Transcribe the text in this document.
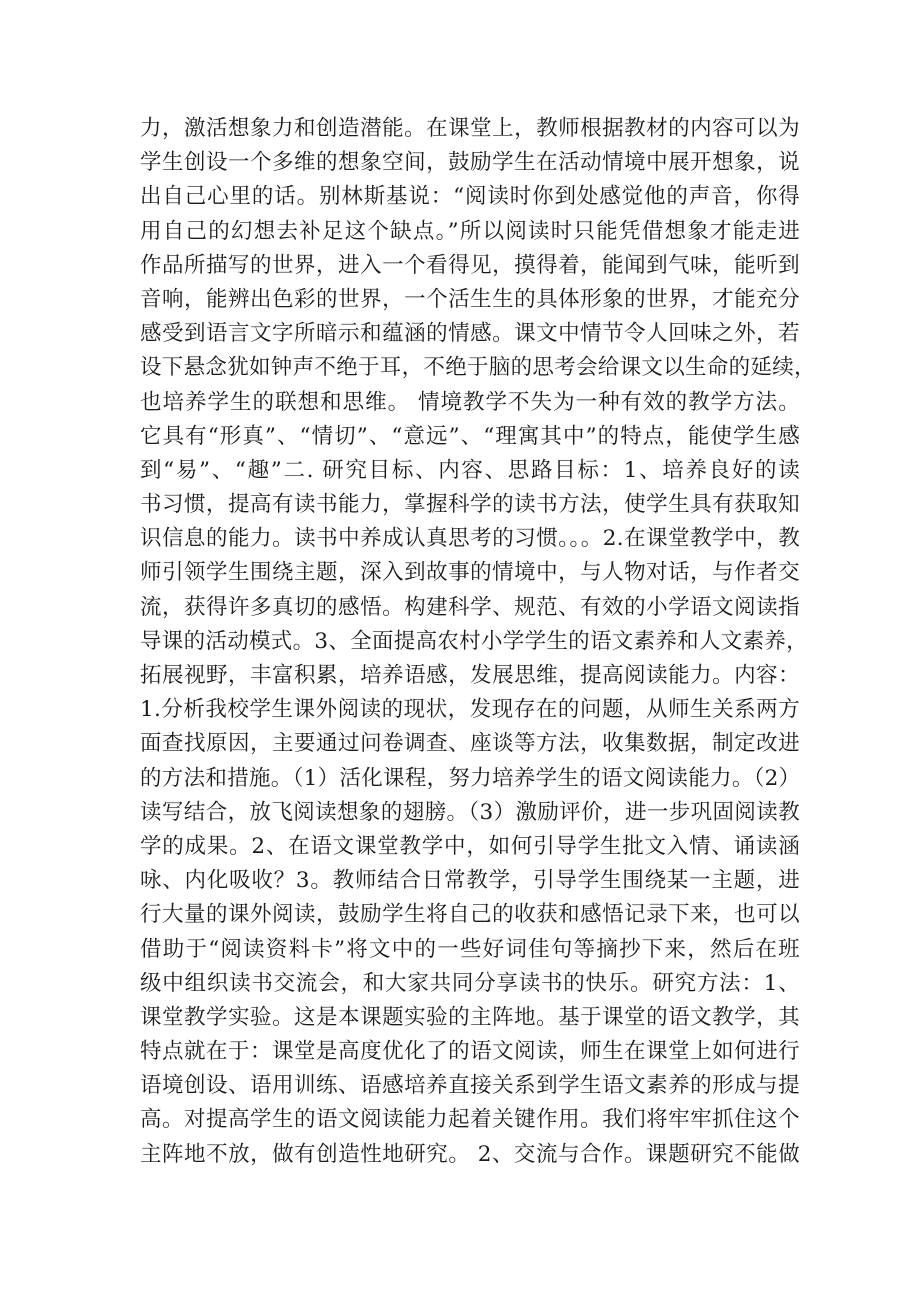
力，激活想象力和创造潜能。在课堂上，教师根据教材的内容可以为
学生创设一个多维的想象空间，鼓励学生在活动情境中展开想象，说
出自己心里的话。别林斯基说：“阅读时你到处感觉他的声音，你得
用自己的幻想去补足这个缺点。”所以阅读时只能凭借想象才能走进
作品所描写的世界，进入一个看得见，摸得着，能闻到气味，能听到
音响，能辨出色彩的世界，一个活生生的具体形象的世界，才能充分
感受到语言文字所暗示和蕴涵的情感。课文中情节令人回味之外，若
设下悬念犹如钟声不绝于耳，不绝于脑的思考会给课文以生命的延续，
也培养学生的联想和思维。 情境教学不失为一种有效的教学方法。
它具有“形真”、“情切”、“意远”、“理寓其中”的特点，能使学生感
到“易”、“趣”二. 研究目标、内容、思路目标：1、培养良好的读
书习惯，提高有读书能力，掌握科学的读书方法，使学生具有获取知
识信息的能力。读书中养成认真思考的习惯。。。2.在课堂教学中，教
师引领学生围绕主题，深入到故事的情境中，与人物对话，与作者交
流，获得许多真切的感悟。构建科学、规范、有效的小学语文阅读指
导课的活动模式。3、全面提高农村小学学生的语文素养和人文素养，
拓展视野，丰富积累，培养语感，发展思维，提高阅读能力。内容：
1.分析我校学生课外阅读的现状，发现存在的问题，从师生关系两方
面查找原因，主要通过问卷调查、座谈等方法，收集数据，制定改进
的方法和措施。（1）活化课程，努力培养学生的语文阅读能力。（2）
读写结合，放飞阅读想象的翅膀。（3）激励评价，进一步巩固阅读教
学的成果。2、在语文课堂教学中，如何引导学生批文入情、诵读涵
咏、内化吸收？3。教师结合日常教学，引导学生围绕某一主题，进
行大量的课外阅读，鼓励学生将自己的收获和感悟记录下来，也可以
借助于“阅读资料卡”将文中的一些好词佳句等摘抄下来，然后在班
级中组织读书交流会，和大家共同分享读书的快乐。研究方法：1、
课堂教学实验。这是本课题实验的主阵地。基于课堂的语文教学，其
特点就在于：课堂是高度优化了的语文阅读，师生在课堂上如何进行
语境创设、语用训练、语感培养直接关系到学生语文素养的形成与提
高。对提高学生的语文阅读能力起着关键作用。我们将牢牢抓住这个
主阵地不放，做有创造性地研究。 2、交流与合作。课题研究不能做
